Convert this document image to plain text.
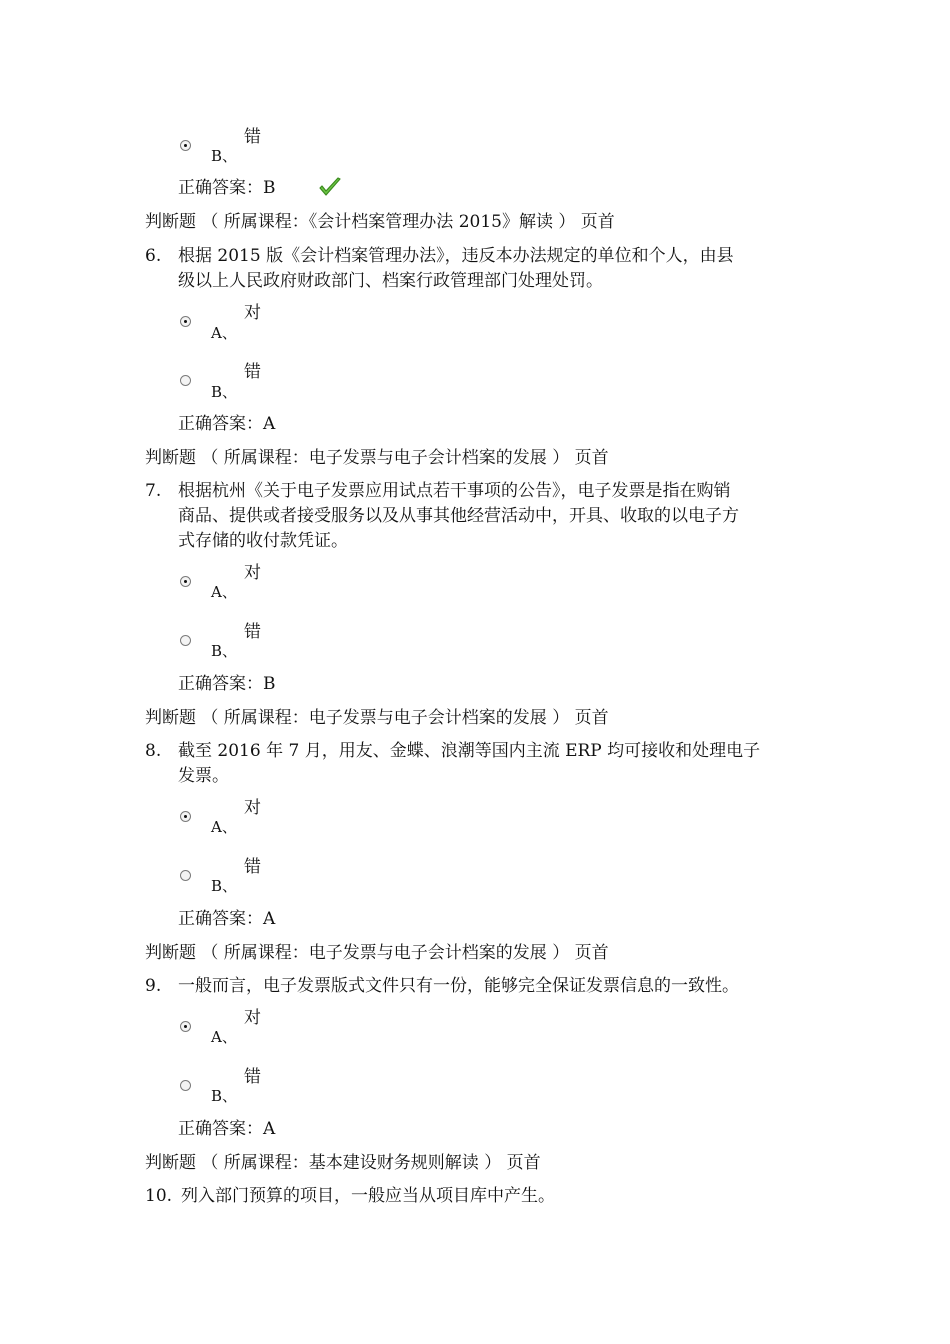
错
B、
正确答案：B
判断题 （ 所属课程：《会计档案管理办法 2015》解读 ） 页首
6. 根据 2015 版《会计档案管理办法》，违反本办法规定的单位和个人，由县
级以上人民政府财政部门、档案行政管理部门处理处罚。
对
A、
错
B、
正确答案：A
判断题 （ 所属课程：电子发票与电子会计档案的发展 ） 页首
7. 根据杭州《关于电子发票应用试点若干事项的公告》，电子发票是指在购销
商品、提供或者接受服务以及从事其他经营活动中，开具、收取的以电子方
式存储的收付款凭证。
对
A、
错
B、
正确答案：B
判断题 （ 所属课程：电子发票与电子会计档案的发展 ） 页首
8. 截至 2016 年 7 月，用友、金蝶、浪潮等国内主流 ERP 均可接收和处理电子
发票。
对
A、
错
B、
正确答案：A
判断题 （ 所属课程：电子发票与电子会计档案的发展 ） 页首
9. 一般而言，电子发票版式文件只有一份，能够完全保证发票信息的一致性。
对
A、
错
B、
正确答案：A
判断题 （ 所属课程：基本建设财务规则解读 ） 页首
10. 列入部门预算的项目，一般应当从项目库中产生。
